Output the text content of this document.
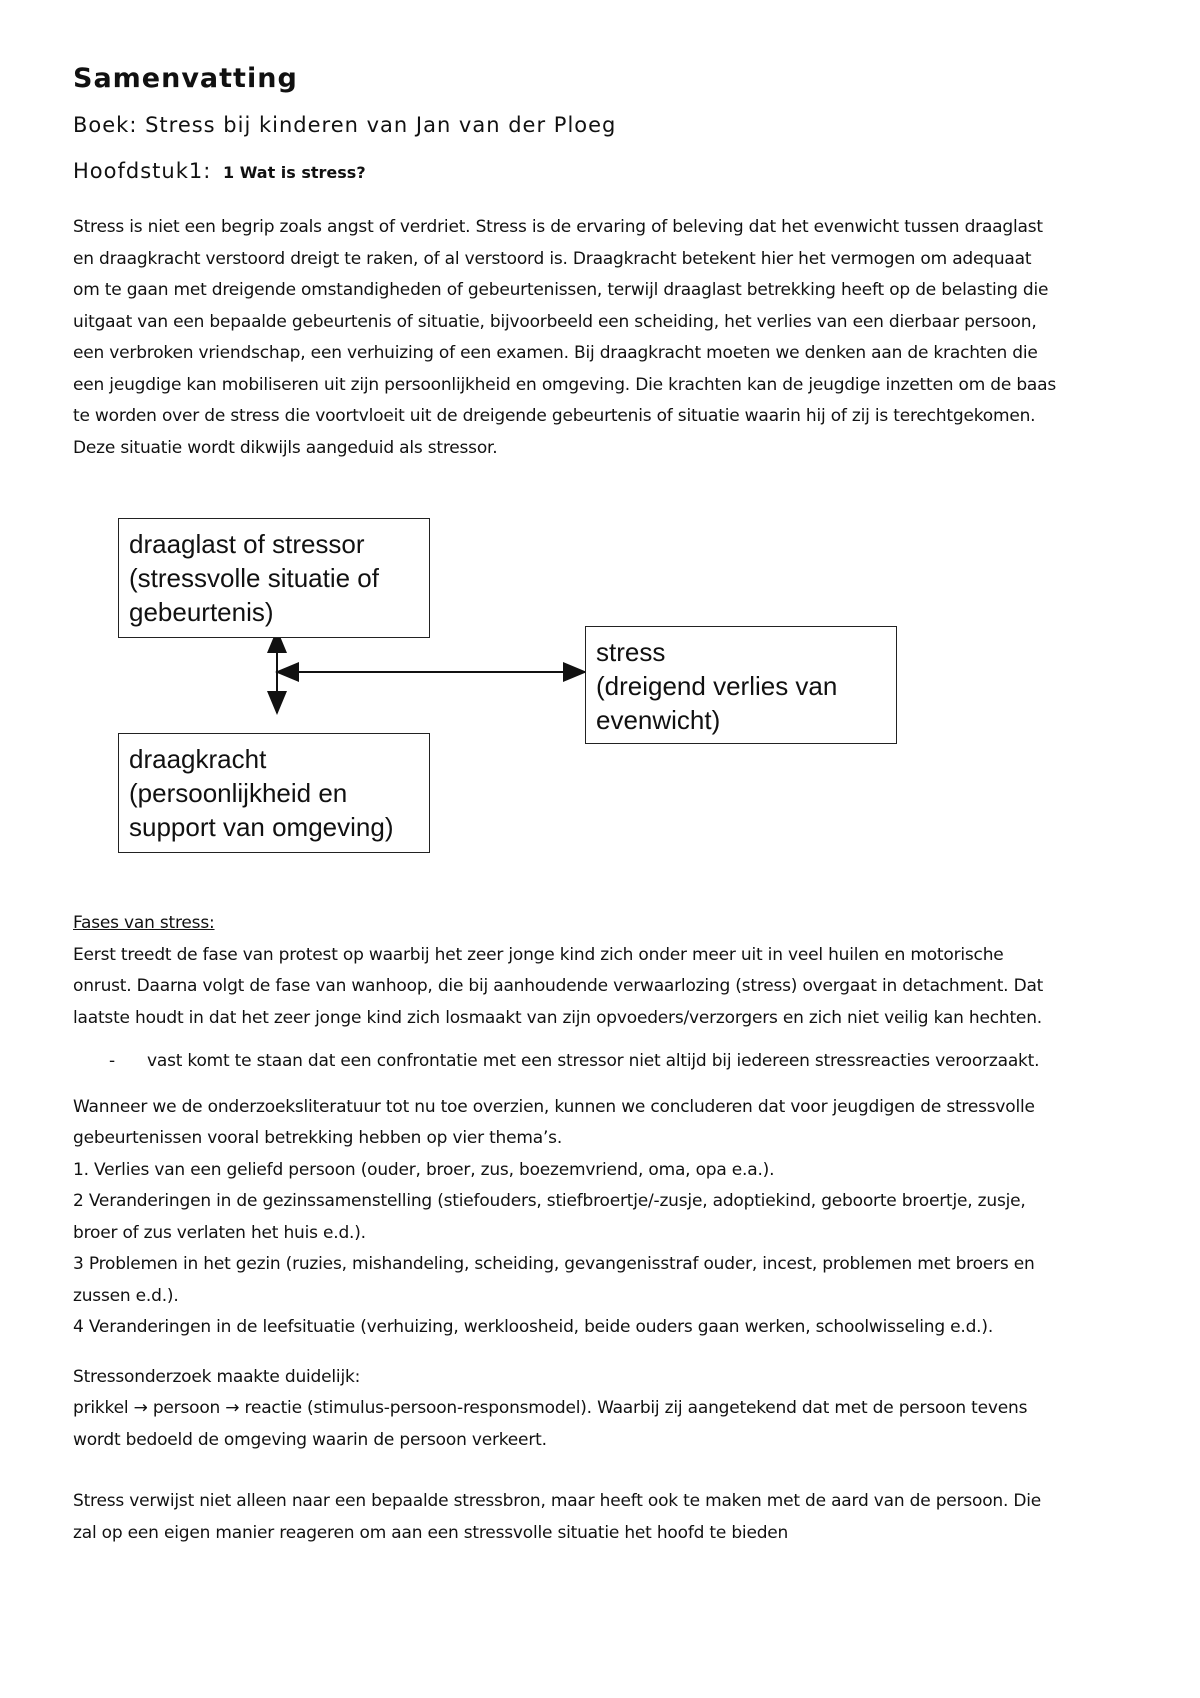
Samenvatting
Boek: Stress bij kinderen van Jan van der Ploeg
Hoofdstuk1: 1 Wat is stress?

Stress is niet een begrip zoals angst of verdriet. Stress is de ervaring of beleving dat het evenwicht tussen draaglast

en draagkracht verstoord dreigt te raken, of al verstoord is. Draagkracht betekent hier het vermogen om adequaat

om te gaan met dreigende omstandigheden of gebeurtenissen, terwijl draaglast betrekking heeft op de belasting die

uitgaat van een bepaalde gebeurtenis of situatie, bijvoorbeeld een scheiding, het verlies van een dierbaar persoon,

een verbroken vriendschap, een verhuizing of een examen. Bij draagkracht moeten we denken aan de krachten die

een jeugdige kan mobiliseren uit zijn persoonlijkheid en omgeving. Die krachten kan de jeugdige inzetten om de baas

te worden over de stress die voortvloeit uit de dreigende gebeurtenis of situatie waarin hij of zij is terechtgekomen.

Deze situatie wordt dikwijls aangeduid als stressor.

draaglast of stressor
(stressvolle situatie of
gebeurtenis)
stress
(dreigend verlies van
evenwicht)
draagkracht
(persoonlijkheid en
support van omgeving)

Fases van stress:

Eerst treedt de fase van protest op waarbij het zeer jonge kind zich onder meer uit in veel huilen en motorische

onrust. Daarna volgt de fase van wanhoop, die bij aanhoudende verwaarlozing (stress) overgaat in detachment. Dat

laatste houdt in dat het zeer jonge kind zich losmaakt van zijn opvoeders/verzorgers en zich niet veilig kan hechten.

-	vast komt te staan dat een confrontatie met een stressor niet altijd bij iedereen stressreacties veroorzaakt.

Wanneer we de onderzoeksliteratuur tot nu toe overzien, kunnen we concluderen dat voor jeugdigen de stressvolle

gebeurtenissen vooral betrekking hebben op vier thema’s.

1. Verlies van een geliefd persoon (ouder, broer, zus, boezemvriend, oma, opa e.a.).

2 Veranderingen in de gezinssamenstelling (stiefouders, stiefbroertje/-zusje, adoptiekind, geboorte broertje, zusje,

broer of zus verlaten het huis e.d.).

3 Problemen in het gezin (ruzies, mishandeling, scheiding, gevangenisstraf ouder, incest, problemen met broers en

zussen e.d.).

4 Veranderingen in de leefsituatie (verhuizing, werkloosheid, beide ouders gaan werken, schoolwisseling e.d.).

Stressonderzoek maakte duidelijk:

prikkel → persoon → reactie (stimulus-persoon-responsmodel). Waarbij zij aangetekend dat met de persoon tevens

wordt bedoeld de omgeving waarin de persoon verkeert.

Stress verwijst niet alleen naar een bepaalde stressbron, maar heeft ook te maken met de aard van de persoon. Die

zal op een eigen manier reageren om aan een stressvolle situatie het hoofd te bieden
